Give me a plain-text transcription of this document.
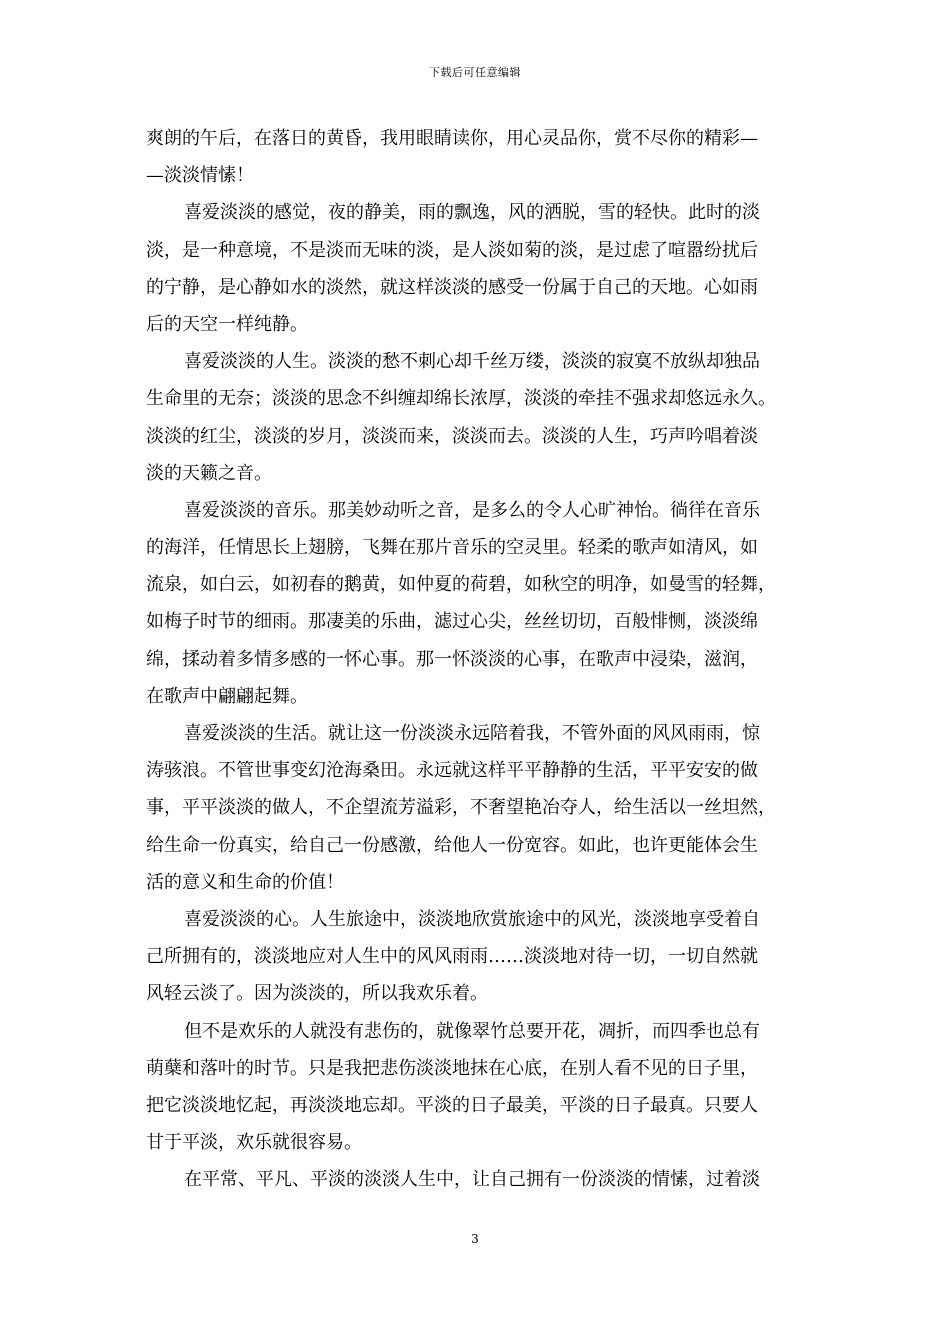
下载后可任意编辑
爽朗的午后，在落日的黄昏，我用眼睛读你，用心灵品你，赏不尽你的精彩—
—淡淡情愫！
喜爱淡淡的感觉，夜的静美，雨的飘逸，风的洒脱，雪的轻快。此时的淡
淡，是一种意境，不是淡而无味的淡，是人淡如菊的淡，是过虑了喧嚣纷扰后
的宁静，是心静如水的淡然，就这样淡淡的感受一份属于自己的天地。心如雨
后的天空一样纯静。
喜爱淡淡的人生。淡淡的愁不刺心却千丝万缕，淡淡的寂寞不放纵却独品
生命里的无奈；淡淡的思念不纠缠却绵长浓厚，淡淡的牵挂不强求却悠远永久。
淡淡的红尘，淡淡的岁月，淡淡而来，淡淡而去。淡淡的人生，巧声吟唱着淡
淡的天籁之音。
喜爱淡淡的音乐。那美妙动听之音，是多么的令人心旷神怡。徜徉在音乐
的海洋，任情思长上翅膀，飞舞在那片音乐的空灵里。轻柔的歌声如清风，如
流泉，如白云，如初春的鹅黄，如仲夏的荷碧，如秋空的明净，如曼雪的轻舞，
如梅子时节的细雨。那凄美的乐曲，滤过心尖，丝丝切切，百般悱恻，淡淡绵
绵，揉动着多情多感的一怀心事。那一怀淡淡的心事，在歌声中浸染，滋润，
在歌声中翩翩起舞。
喜爱淡淡的生活。就让这一份淡淡永远陪着我，不管外面的风风雨雨，惊
涛骇浪。不管世事变幻沧海桑田。永远就这样平平静静的生活，平平安安的做
事，平平淡淡的做人，不企望流芳溢彩，不奢望艳冶夺人，给生活以一丝坦然，
给生命一份真实，给自己一份感激，给他人一份宽容。如此，也许更能体会生
活的意义和生命的价值！
喜爱淡淡的心。人生旅途中，淡淡地欣赏旅途中的风光，淡淡地享受着自
己所拥有的，淡淡地应对人生中的风风雨雨……淡淡地对待一切，一切自然就
风轻云淡了。因为淡淡的，所以我欢乐着。
但不是欢乐的人就没有悲伤的，就像翠竹总要开花，凋折，而四季也总有
萌蘖和落叶的时节。只是我把悲伤淡淡地抹在心底，在别人看不见的日子里，
把它淡淡地忆起，再淡淡地忘却。平淡的日子最美，平淡的日子最真。只要人
甘于平淡，欢乐就很容易。
在平常、平凡、平淡的淡淡人生中，让自己拥有一份淡淡的情愫，过着淡
3
